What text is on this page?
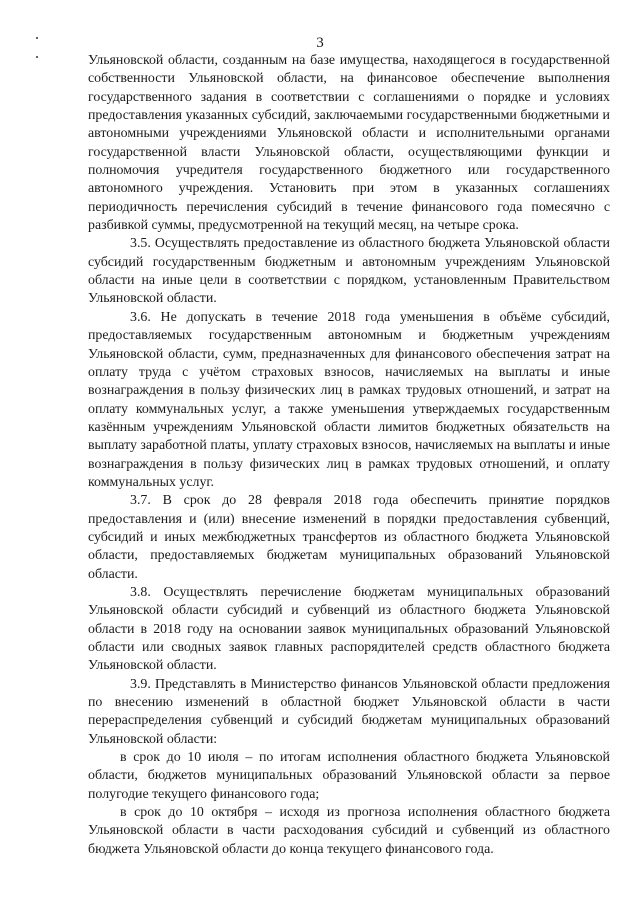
3

Ульяновской области, созданным на базе имущества, находящегося в государственной собственности Ульяновской области, на финансовое обеспечение выполнения государственного задания в соответствии с соглашениями о порядке и условиях предоставления указанных субсидий, заключаемыми государственными бюджетными и автономными учреждениями Ульяновской области и исполнительными органами государственной власти Ульяновской области, осуществляющими функции и полномочия учредителя государственного бюджетного или государственного автономного учреждения. Установить при этом в указанных соглашениях периодичность перечисления субсидий в течение финансового года помесячно с разбивкой суммы, предусмотренной на текущий месяц, на четыре срока.

3.5. Осуществлять предоставление из областного бюджета Ульяновской области субсидий государственным бюджетным и автономным учреждениям Ульяновской области на иные цели в соответствии с порядком, установленным Правительством Ульяновской области.

3.6. Не допускать в течение 2018 года уменьшения в объёме субсидий, предоставляемых государственным автономным и бюджетным учреждениям Ульяновской области, сумм, предназначенных для финансового обеспечения затрат на оплату труда с учётом страховых взносов, начисляемых на выплаты и иные вознаграждения в пользу физических лиц в рамках трудовых отношений, и затрат на оплату коммунальных услуг, а также уменьшения утверждаемых государственным казённым учреждениям Ульяновской области лимитов бюджетных обязательств на выплату заработной платы, уплату страховых взносов, начисляемых на выплаты и иные вознаграждения в пользу физических лиц в рамках трудовых отношений, и оплату коммунальных услуг.

3.7. В срок до 28 февраля 2018 года обеспечить принятие порядков предоставления и (или) внесение изменений в порядки предоставления субвенций, субсидий и иных межбюджетных трансфертов из областного бюджета Ульяновской области, предоставляемых бюджетам муниципальных образований Ульяновской области.

3.8. Осуществлять перечисление бюджетам муниципальных образований Ульяновской области субсидий и субвенций из областного бюджета Ульяновской области в 2018 году на основании заявок муниципальных образований Ульяновской области или сводных заявок главных распорядителей средств областного бюджета Ульяновской области.

3.9. Представлять в Министерство финансов Ульяновской области предложения по внесению изменений в областной бюджет Ульяновской области в части перераспределения субвенций и субсидий бюджетам муниципальных образований Ульяновской области:

в срок до 10 июля – по итогам исполнения областного бюджета Ульяновской области, бюджетов муниципальных образований Ульяновской области за первое полугодие текущего финансового года;

в срок до 10 октября – исходя из прогноза исполнения областного бюджета Ульяновской области в части расходования субсидий и субвенций из областного бюджета Ульяновской области до конца текущего финансового года.
